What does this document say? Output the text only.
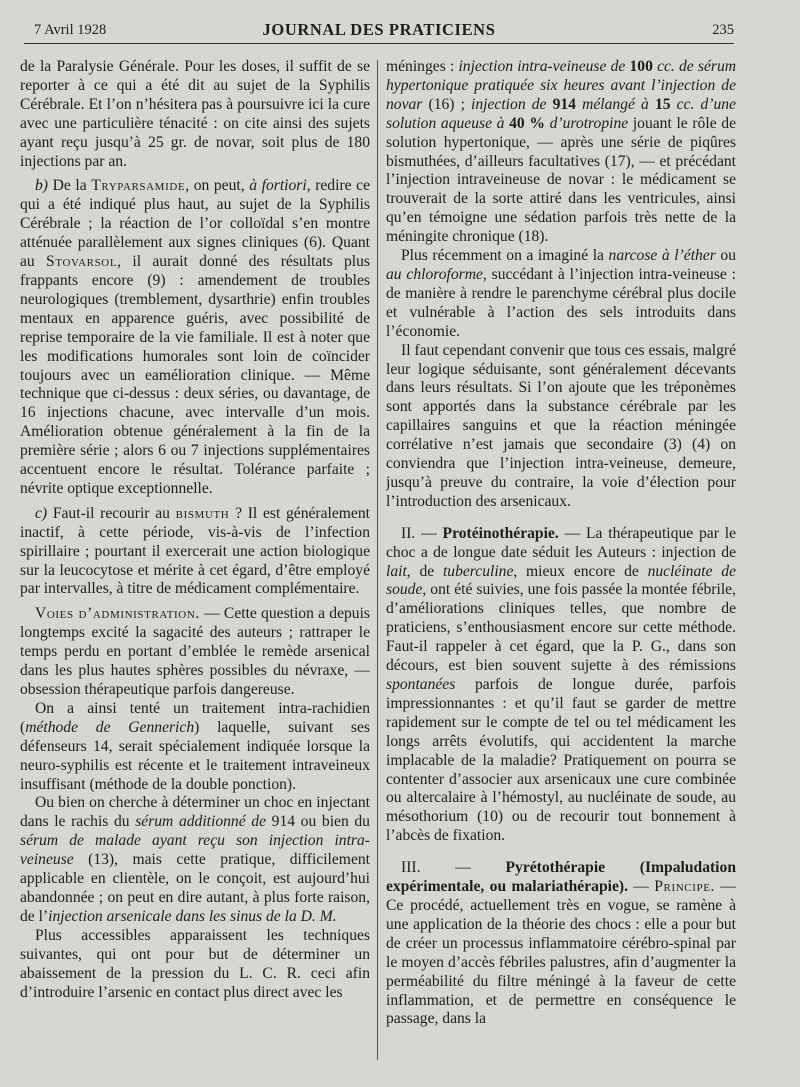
7 Avril 1928	JOURNAL DES PRATICIENS	235

de la Paralysie Générale. Pour les doses, il suffit de se reporter à ce qui a été dit au sujet de la Syphilis Cérébrale. Et l’on n’hésitera pas à poursuivre ici la cure avec une particulière ténacité : on cite ainsi des sujets ayant reçu jusqu’à 25 gr. de novar, soit plus de 180 injections par an.

b) De la Tryparsamide, on peut, à fortiori, redire ce qui a été indiqué plus haut, au sujet de la Syphilis Cérébrale ; la réaction de l’or colloïdal s’en montre atténuée parallèlement aux signes cliniques (6). Quant au Stovarsol, il aurait donné des résultats plus frappants encore (9) : amendement de troubles neurologiques (tremblement, dysarthrie) enfin troubles mentaux en apparence guéris, avec possibilité de reprise temporaire de la vie familiale. Il est à noter que les modifications humorales sont loin de coïncider toujours avec un eamélioration clinique. — Même technique que ci-dessus : deux séries, ou davantage, de 16 injections chacune, avec intervalle d’un mois. Amélioration obtenue généralement à la fin de la première série ; alors 6 ou 7 injections supplémentaires accentuent encore le résultat. Tolérance parfaite ; névrite optique exceptionnelle.

c) Faut-il recourir au bismuth ? Il est généralement inactif, à cette période, vis-à-vis de l’infection spirillaire ; pourtant il exercerait une action biologique sur la leucocytose et mérite à cet égard, d’être employé par intervalles, à titre de médicament complémentaire.

Voies d’administration. — Cette question a depuis longtemps excité la sagacité des auteurs ; rattraper le temps perdu en portant d’emblée le remède arsenical dans les plus hautes sphères possibles du névraxe, — obsession thérapeutique parfois dangereuse.

On a ainsi tenté un traitement intra-rachidien (méthode de Gennerich) laquelle, suivant ses défenseurs 14, serait spécialement indiquée lorsque la neuro-syphilis est récente et le traitement intraveineux insuffisant (méthode de la double ponction).

Ou bien on cherche à déterminer un choc en injectant dans le rachis du sérum additionné de 914 ou bien du sérum de malade ayant reçu son injection intra-veineuse (13), mais cette pratique, difficilement applicable en clientèle, on le conçoit, est aujourd’hui abandonnée ; on peut en dire autant, à plus forte raison, de l’injection arsenicale dans les sinus de la D. M.

Plus accessibles apparaissent les techniques suivantes, qui ont pour but de déterminer un abaissement de la pression du L. C. R. ceci afin d’introduire l’arsenic en contact plus direct avec les

méninges : injection intra-veineuse de 100 cc. de sérum hypertonique pratiquée six heures avant l’injection de novar (16) ; injection de 914 mélangé à 15 cc. d’une solution aqueuse à 40 % d’urotropine jouant le rôle de solution hypertonique, — après une série de piqûres bismuthées, d’ailleurs facultatives (17), — et précédant l’injection intraveineuse de novar : le médicament se trouverait de la sorte attiré dans les ventricules, ainsi qu’en témoigne une sédation parfois très nette de la méningite chronique (18).

Plus récemment on a imaginé la narcose à l’éther ou au chloroforme, succédant à l’injection intra-veineuse : de manière à rendre le parenchyme cérébral plus docile et vulnérable à l’action des sels introduits dans l’économie.

Il faut cependant convenir que tous ces essais, malgré leur logique séduisante, sont généralement décevants dans leurs résultats. Si l’on ajoute que les tréponèmes sont apportés dans la substance cérébrale par les capillaires sanguins et que la réaction méningée corrélative n’est jamais que secondaire (3) (4) on conviendra que l’injection intra-veineuse, demeure, jusqu’à preuve du contraire, la voie d’élection pour l’introduction des arsenicaux.

II. — Protéinothérapie. — La thérapeutique par le choc a de longue date séduit les Auteurs : injection de lait, de tuberculine, mieux encore de nucléinate de soude, ont été suivies, une fois passée la montée fébrile, d’améliorations cliniques telles, que nombre de praticiens, s’enthousiasment encore sur cette méthode. Faut-il rappeler à cet égard, que la P. G., dans son décours, est bien souvent sujette à des rémissions spontanées parfois de longue durée, parfois impressionnantes : et qu’il faut se garder de mettre rapidement sur le compte de tel ou tel médicament les longs arrêts évolutifs, qui accidentent la marche implacable de la maladie? Pratiquement on pourra se contenter d’associer aux arsenicaux une cure combinée ou altercalaire à l’hémostyl, au nucléinate de soude, au mésothorium (10) ou de recourir tout bonnement à l’abcès de fixation.

III. — Pyrétothérapie (Impaludation expérimentale, ou malariathérapie). — Principe. — Ce procédé, actuellement très en vogue, se ramène à une application de la théorie des chocs : elle a pour but de créer un processus inflammatoire cérébro-spinal par le moyen d’accès fébriles palustres, afin d’augmenter la perméabilité du filtre méningé à la faveur de cette inflammation, et de permettre en conséquence le passage, dans la
